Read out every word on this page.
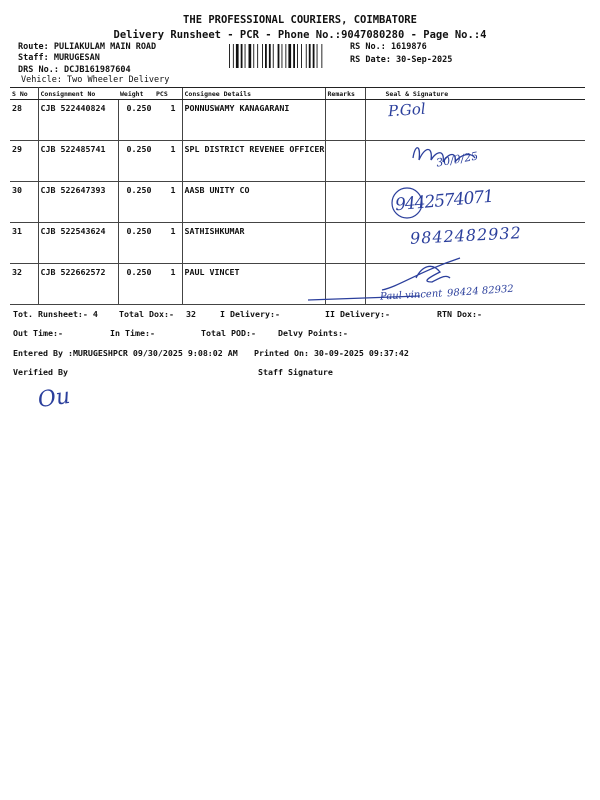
THE PROFESSIONAL COURIERS, COIMBATORE
Delivery Runsheet - PCR - Phone No.:9047080280 - Page No.:4
Route: PULIAKULAM MAIN ROAD
Staff: MURUGESAN
DRS No.: DCJB161987604
Vehicle: Two Wheeler Delivery
RS No.: 1619876
RS Date: 30-Sep-2025
S No	Consignment No	Weight	PCS	Consignee Details	Remarks	Seal & Signature
28	CJB 522440824	0.250	1	PONNUSWAMY KANAGARANI		
29	CJB 522485741	0.250	1	SPL DISTRICT REVENEE OFFICER		
30	CJB 522647393	0.250	1	AASB UNITY CO		
31	CJB 522543624	0.250	1	SATHISHKUMAR		
32	CJB 522662572	0.250	1	PAUL VINCET		
P.Gol
30/9/25
9442574071
9842482932
Paul vincent 98424 82932
Tot. Runsheet:- 4	Total Dox:- 32	I Delivery:-	II Delivery:-	RTN Dox:-
Out Time:-	In Time:-	Total POD:-	Delvy Points:-
Entered By :MURUGESHPCR 09/30/2025 9:08:02 AM Printed On: 30-09-2025 09:37:42
Verified By	Staff Signature
Ou
